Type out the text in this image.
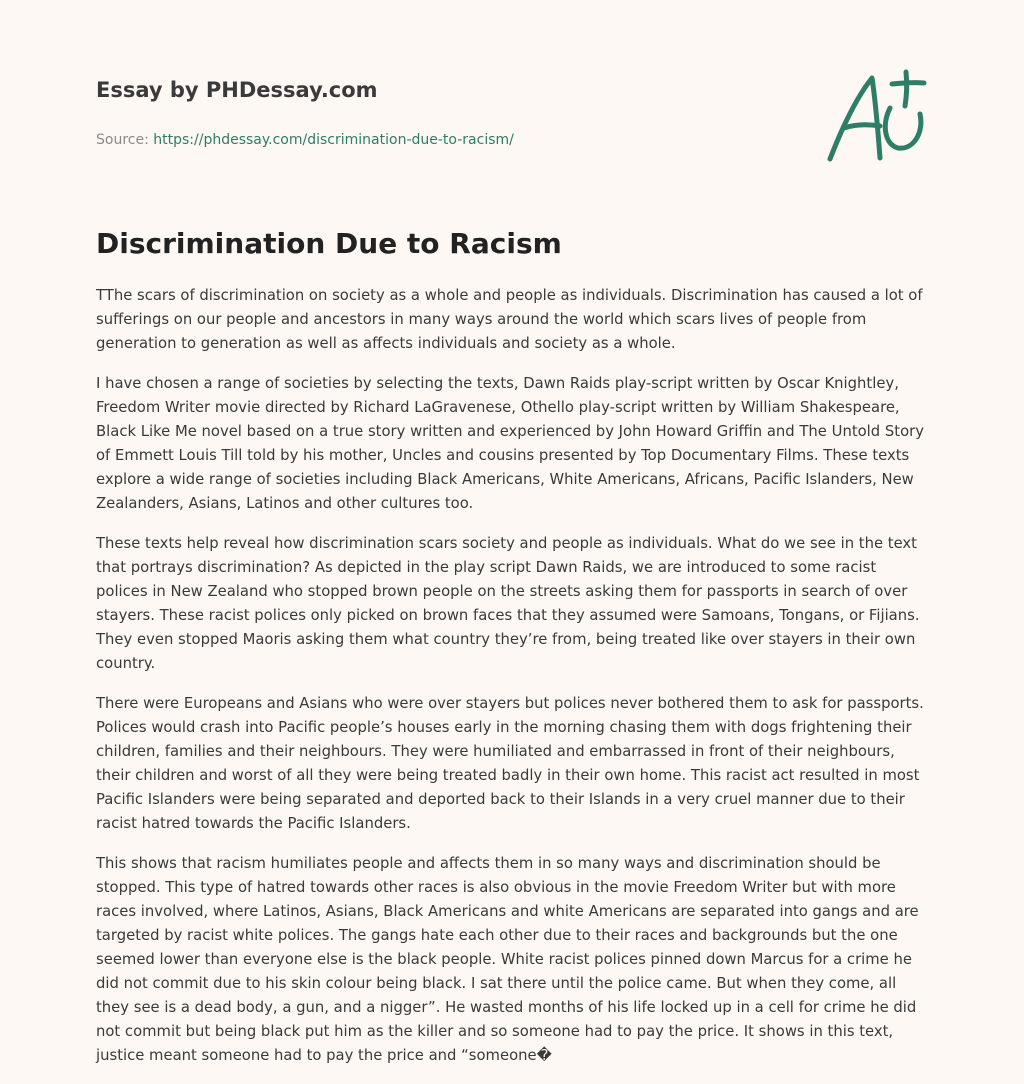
Essay by PHDessay.com
Source: https://phdessay.com/discrimination-due-to-racism/
Discrimination Due to Racism

TThe scars of discrimination on society as a whole and people as individuals. Discrimination has caused a lot of sufferings on our people and ancestors in many ways around the world which scars lives of people from generation to generation as well as affects individuals and society as a whole.

I have chosen a range of societies by selecting the texts, Dawn Raids play-script written by Oscar Knightley, Freedom Writer movie directed by Richard LaGravenese, Othello play-script written by William Shakespeare, Black Like Me novel based on a true story written and experienced by John Howard Griffin and The Untold Story of Emmett Louis Till told by his mother, Uncles and cousins presented by Top Documentary Films. These texts explore a wide range of societies including Black Americans, White Americans, Africans, Pacific Islanders, New Zealanders, Asians, Latinos and other cultures too.

These texts help reveal how discrimination scars society and people as individuals. What do we see in the text that portrays discrimination? As depicted in the play script Dawn Raids, we are introduced to some racist polices in New Zealand who stopped brown people on the streets asking them for passports in search of over stayers. These racist polices only picked on brown faces that they assumed were Samoans, Tongans, or Fijians. They even stopped Maoris asking them what country they’re from, being treated like over stayers in their own country.

There were Europeans and Asians who were over stayers but polices never bothered them to ask for passports. Polices would crash into Pacific people’s houses early in the morning chasing them with dogs frightening their children, families and their neighbours. They were humiliated and embarrassed in front of their neighbours, their children and worst of all they were being treated badly in their own home. This racist act resulted in most Pacific Islanders were being separated and deported back to their Islands in a very cruel manner due to their racist hatred towards the Pacific Islanders.

This shows that racism humiliates people and affects them in so many ways and discrimination should be stopped. This type of hatred towards other races is also obvious in the movie Freedom Writer but with more races involved, where Latinos, Asians, Black Americans and white Americans are separated into gangs and are targeted by racist white polices. The gangs hate each other due to their races and backgrounds but the one seemed lower than everyone else is the black people. White racist polices pinned down Marcus for a crime he did not commit due to his skin colour being black. I sat there until the police came. But when they come, all they see is a dead body, a gun, and a nigger”. He wasted months of his life locked up in a cell for crime he did not commit but being black put him as the killer and so someone had to pay the price. It shows in this text, justice meant someone had to pay the price and “someone�
